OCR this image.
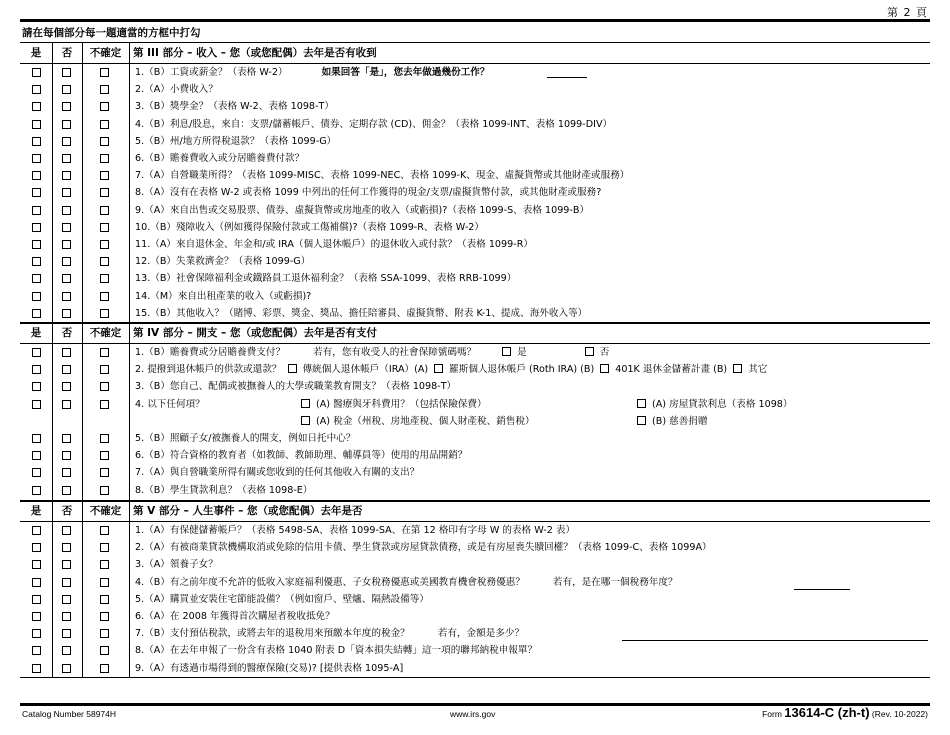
第 2 頁
請在每個部分每一題適當的方框中打勾
是	否	不確定	第 III 部分 – 收入 – 您（或您配偶）去年是否有收到
1.（B）工資或薪金？（表格 W-2）	如果回答「是」，您去年做過幾份工作？
2.（A）小費收入？
3.（B）獎學金？（表格 W-2、表格 1098-T）
4.（B）利息/股息，來自：支票/儲蓄帳戶、債券、定期存款 (CD)、佣金？（表格 1099-INT、表格 1099-DIV）
5.（B）州/地方所得稅退款？（表格 1099-G）
6.（B）贍養費收入或分居贍養費付款？
7.（A）自營職業所得？（表格 1099-MISC、表格 1099-NEC、表格 1099-K、現金、虛擬貨幣或其他財產或服務）
8.（A）沒有在表格 W-2 或表格 1099 中列出的任何工作獲得的現金/支票/虛擬貨幣付款，或其他財產或服務?
9.（A）來自出售或交易股票、債券、虛擬貨幣或房地產的收入（或虧損)?（表格 1099-S、表格 1099-B）
10.（B）殘障收入（例如獲得保險付款或工傷補償)?（表格 1099-R、表格 W-2）
11.（A）來自退休金、年金和/或 IRA（個人退休帳戶）的退休收入或付款？（表格 1099-R）
12.（B）失業救濟金？（表格 1099-G）
13.（B）社會保障福利金或鐵路員工退休福利金？（表格 SSA-1099、表格 RRB-1099）
14.（M）來自出租產業的收入（或虧損)?
15.（B）其他收入？（賭博、彩票、獎金、獎品、擔任陪審員、虛擬貨幣、附表 K-1、提成、海外收入等）
是	否	不確定	第 IV 部分 – 開支 – 您（或您配偶）去年是否有支付
1.（B）贍養費或分居贍養費支付？	若有，您有收受人的社會保障號碼嗎？	是	否
2. 提撥到退休帳戶的供款或還款？ 傳統個人退休帳戶（IRA）(A) 羅斯個人退休帳戶 (Roth IRA) (B) 401K 退休金儲蓄計畫 (B) 其它
3.（B）您自己、配偶或被撫養人的大學或職業教育開支？（表格 1098-T）
4. 以下任何項？	(A) 醫療與牙科費用？（包括保險保費）	(A) 房屋貸款利息（表格 1098）
(A) 稅金（州稅、房地產稅、個人財產稅、銷售稅）	(B) 慈善捐贈
5.（B）照顧子女/被撫養人的開支，例如日托中心？
6.（B）符合資格的教育者（如教師、教師助理、輔導員等）使用的用品開銷？
7.（A）與自營職業所得有關或您收到的任何其他收入有關的支出？
8.（B）學生貸款利息？（表格 1098-E）
是	否	不確定	第 V 部分 – 人生事件 – 您（或您配偶）去年是否
1.（A）有保健儲蓄帳戶？（表格 5498-SA、表格 1099-SA、在第 12 格印有字母 W 的表格 W-2 表）
2.（A）有被商業貸款機構取消或免除的信用卡債、學生貸款或房屋貸款債務，或是有房屋喪失贖回權？（表格 1099-C、表格 1099A）
3.（A）領養子女？
4.（B）有之前年度不允許的低收入家庭福利優惠、子女稅務優惠或美國教育機會稅務優惠？	若有，是在哪一個稅務年度？
5.（A）購買並安裝住宅節能設備？（例如窗戶、壁爐、隔熱設備等）
6.（A）在 2008 年獲得首次購屋者稅收抵免？
7.（B）支付預估稅款，或將去年的退稅用來預繳本年度的稅金？	若有，金額是多少？
8.（A）在去年申報了一份含有表格 1040 附表 D「資本損失結轉」這一項的聯邦納稅申報單？
9.（A）有透過市場得到的醫療保險(交易)? [提供表格 1095-A]
Catalog Number 58974H	www.irs.gov	Form 13614-C (zh-t) (Rev. 10-2022)
